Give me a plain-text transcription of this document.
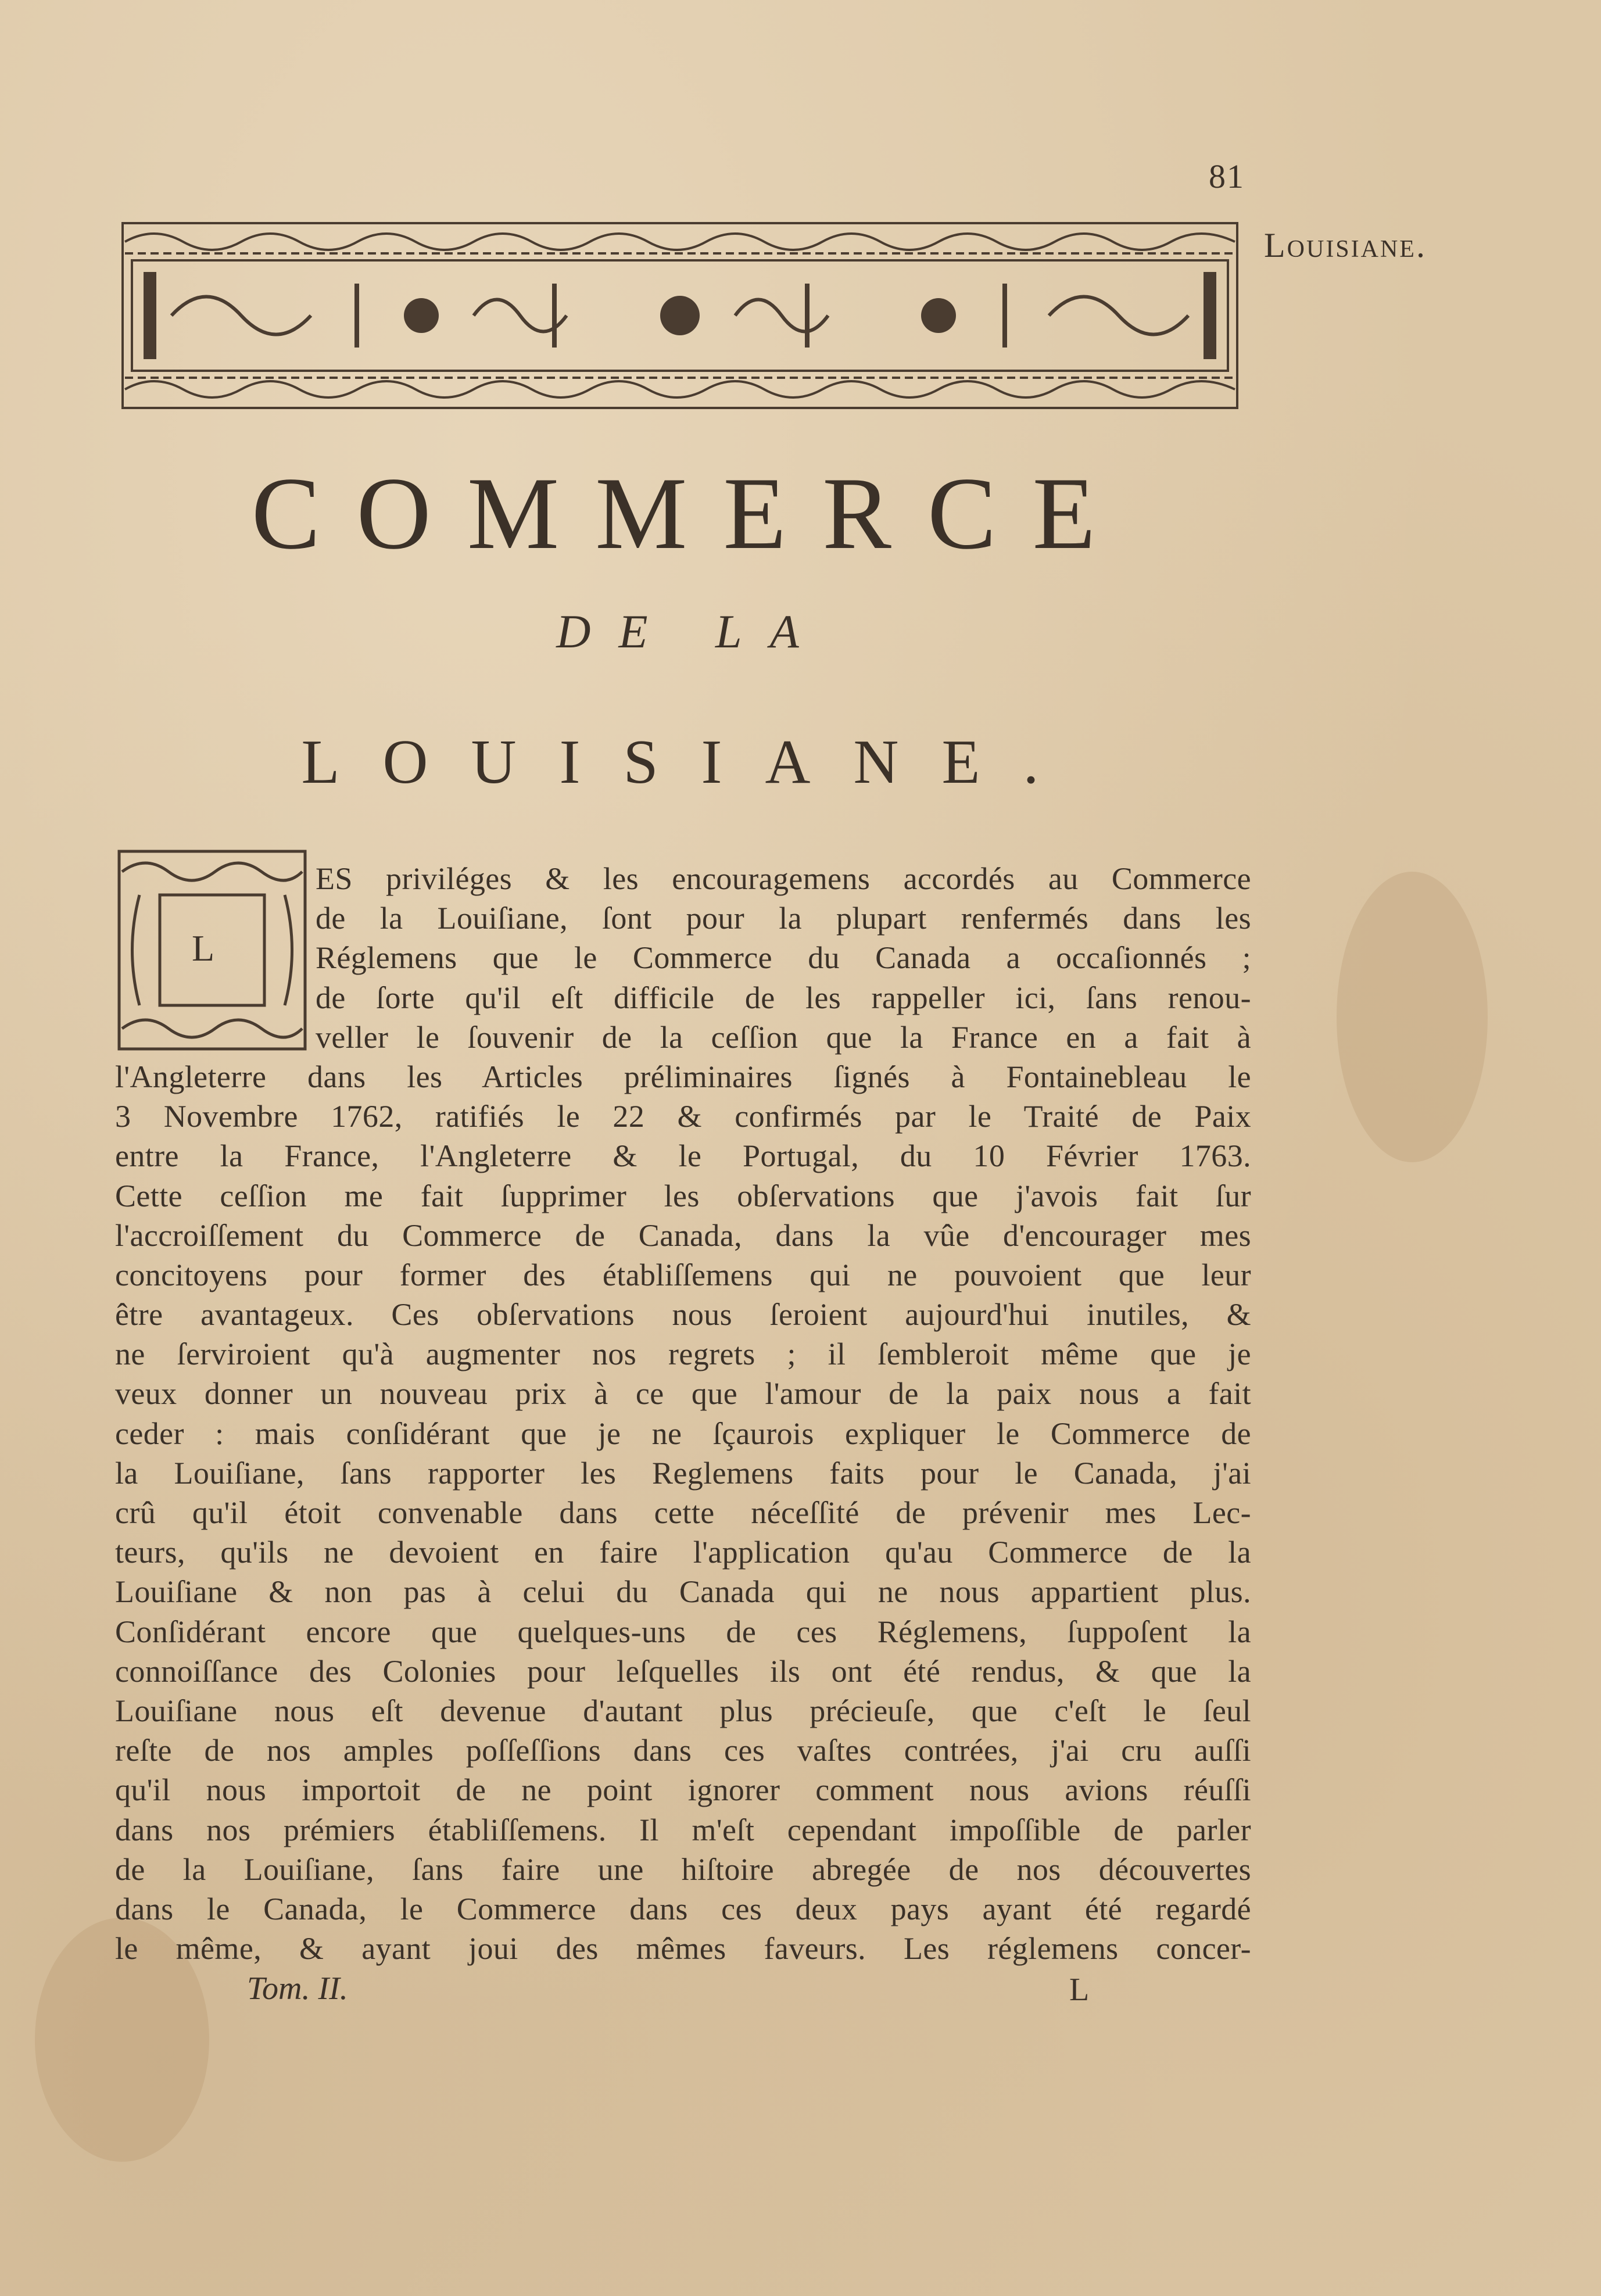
81
Louisiane.
COMMERCE
DE LA
LOUISIANE.
L
ES priviléges & les encouragemens accordés au Commerce
de la Louiſiane, ſont pour la plupart renfermés dans les
Réglemens que le Commerce du Canada a occaſionnés ;
de ſorte qu'il eſt difficile de les rappeller ici, ſans renou-
veller le ſouvenir de la ceſſion que la France en a fait à
l'Angleterre dans les Articles préliminaires ſignés à Fontainebleau le
3 Novembre 1762, ratifiés le 22 & confirmés par le Traité de Paix
entre la France, l'Angleterre & le Portugal, du 10 Février 1763.
Cette ceſſion me fait ſupprimer les obſervations que j'avois fait ſur
l'accroiſſement du Commerce de Canada, dans la vûe d'encourager mes
concitoyens pour former des établiſſemens qui ne pouvoient que leur
être avantageux. Ces obſervations nous ſeroient aujourd'hui inutiles, &
ne ſerviroient qu'à augmenter nos regrets ; il ſembleroit même que je
veux donner un nouveau prix à ce que l'amour de la paix nous a fait
ceder : mais conſidérant que je ne ſçaurois expliquer le Commerce de
la Louiſiane, ſans rapporter les Reglemens faits pour le Canada, j'ai
crû qu'il étoit convenable dans cette néceſſité de prévenir mes Lec-
teurs, qu'ils ne devoient en faire l'application qu'au Commerce de la
Louiſiane & non pas à celui du Canada qui ne nous appartient plus.
Conſidérant encore que quelques-uns de ces Réglemens, ſuppoſent la
connoiſſance des Colonies pour leſquelles ils ont été rendus, & que la
Louiſiane nous eſt devenue d'autant plus précieuſe, que c'eſt le ſeul
reſte de nos amples poſſeſſions dans ces vaſtes contrées, j'ai cru auſſi
qu'il nous importoit de ne point ignorer comment nous avions réuſſi
dans nos prémiers établiſſemens. Il m'eſt cependant impoſſible de parler
de la Louiſiane, ſans faire une hiſtoire abregée de nos découvertes
dans le Canada, le Commerce dans ces deux pays ayant été regardé
le même, & ayant joui des mêmes faveurs. Les réglemens concer-
Tom. II.	L
